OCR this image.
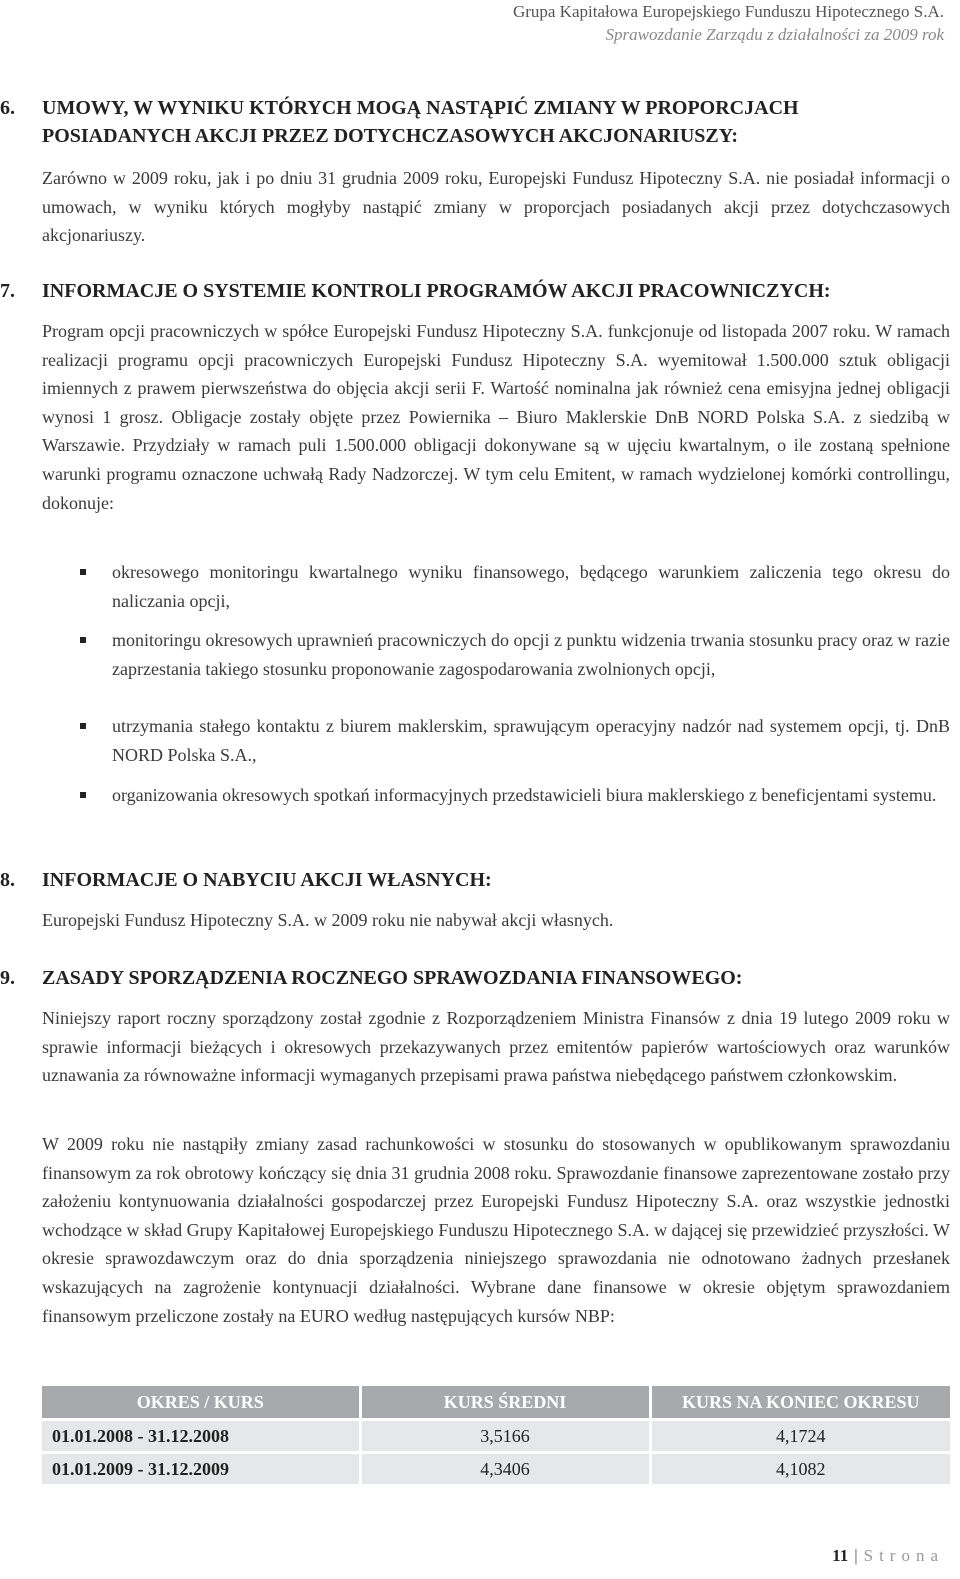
Grupa Kapitałowa Europejskiego Funduszu Hipotecznego S.A.
Sprawozdanie Zarządu z działalności za 2009 rok
6. UMOWY, W WYNIKU KTÓRYCH MOGĄ NASTĄPIĆ ZMIANY W PROPORCJACH
POSIADANYCH AKCJI PRZEZ DOTYCHCZASOWYCH AKCJONARIUSZY:
Zarówno w 2009 roku, jak i po dniu 31 grudnia 2009 roku, Europejski Fundusz Hipoteczny S.A. nie posiadał informacji o umowach, w wyniku których mogłyby nastąpić zmiany w proporcjach posiadanych akcji przez dotychczasowych akcjonariuszy.
7. INFORMACJE O SYSTEMIE KONTROLI PROGRAMÓW AKCJI PRACOWNICZYCH:
Program opcji pracowniczych w spółce Europejski Fundusz Hipoteczny S.A. funkcjonuje od listopada 2007 roku. W ramach realizacji programu opcji pracowniczych Europejski Fundusz Hipoteczny S.A. wyemitował 1.500.000 sztuk obligacji imiennych z prawem pierwszeństwa do objęcia akcji serii F. Wartość nominalna jak również cena emisyjna jednej obligacji wynosi 1 grosz. Obligacje zostały objęte przez Powiernika – Biuro Maklerskie DnB NORD Polska S.A. z siedzibą w Warszawie. Przydziały w ramach puli 1.500.000 obligacji dokonywane są w ujęciu kwartalnym, o ile zostaną spełnione warunki programu oznaczone uchwałą Rady Nadzorczej. W tym celu Emitent, w ramach wydzielonej komórki controllingu, dokonuje:
okresowego monitoringu kwartalnego wyniku finansowego, będącego warunkiem zaliczenia tego okresu do naliczania opcji,
monitoringu okresowych uprawnień pracowniczych do opcji z punktu widzenia trwania stosunku pracy oraz w razie zaprzestania takiego stosunku proponowanie zagospodarowania zwolnionych opcji,
utrzymania stałego kontaktu z biurem maklerskim, sprawującym operacyjny nadzór nad systemem opcji, tj. DnB NORD Polska S.A.,
organizowania okresowych spotkań informacyjnych przedstawicieli biura maklerskiego z beneficjentami systemu.
8. INFORMACJE O NABYCIU AKCJI WŁASNYCH:
Europejski Fundusz Hipoteczny S.A. w 2009 roku nie nabywał akcji własnych.
9. ZASADY SPORZĄDZENIA ROCZNEGO SPRAWOZDANIA FINANSOWEGO:
Niniejszy raport roczny sporządzony został zgodnie z Rozporządzeniem Ministra Finansów z dnia 19 lutego 2009 roku w sprawie informacji bieżących i okresowych przekazywanych przez emitentów papierów wartościowych oraz warunków uznawania za równoważne informacji wymaganych przepisami prawa państwa niebędącego państwem członkowskim.
W 2009 roku nie nastąpiły zmiany zasad rachunkowości w stosunku do stosowanych w opublikowanym sprawozdaniu finansowym za rok obrotowy kończący się dnia 31 grudnia 2008 roku. Sprawozdanie finansowe zaprezentowane zostało przy założeniu kontynuowania działalności gospodarczej przez Europejski Fundusz Hipoteczny S.A. oraz wszystkie jednostki wchodzące w skład Grupy Kapitałowej Europejskiego Funduszu Hipotecznego S.A. w dającej się przewidzieć przyszłości. W okresie sprawozdawczym oraz do dnia sporządzenia niniejszego sprawozdania nie odnotowano żadnych przesłanek wskazujących na zagrożenie kontynuacji działalności. Wybrane dane finansowe w okresie objętym sprawozdaniem finansowym przeliczone zostały na EURO według następujących kursów NBP:
OKRES / KURS	KURS ŚREDNI	KURS NA KONIEC OKRESU
01.01.2008 - 31.12.2008	3,5166	4,1724
01.01.2009 - 31.12.2009	4,3406	4,1082
11 | Strona
